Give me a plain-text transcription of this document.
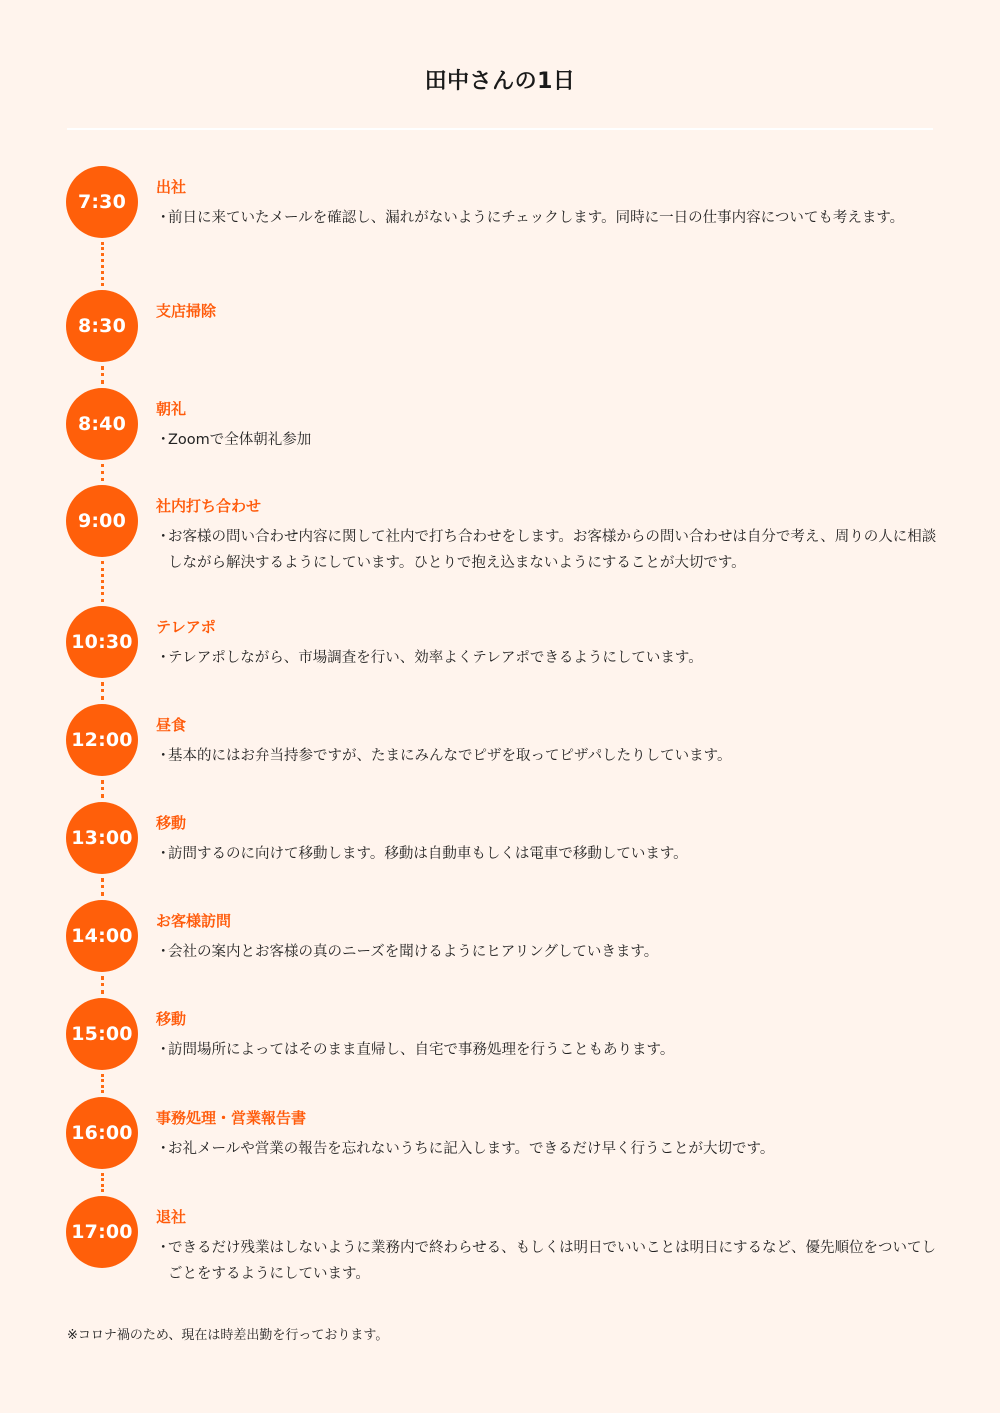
田中さんの1日
7:30
出社
・
前日に来ていたメールを確認し、漏れがないようにチェックします。同時に一日の仕事内容についても考えます。
8:30
支店掃除
8:40
朝礼
・
Zoomで全体朝礼参加
9:00
社内打ち合わせ
・
お客様の問い合わせ内容に関して社内で打ち合わせをします。お客様からの問い合わせは自分で考え、周りの人に相談しながら解決するようにしています。ひとりで抱え込まないようにすることが大切です。
10:30
テレアポ
・
テレアポしながら、市場調査を行い、効率よくテレアポできるようにしています。
12:00
昼食
・
基本的にはお弁当持参ですが、たまにみんなでピザを取ってピザパしたりしています。
13:00
移動
・
訪問するのに向けて移動します。移動は自動車もしくは電車で移動しています。
14:00
お客様訪問
・
会社の案内とお客様の真のニーズを聞けるようにヒアリングしていきます。
15:00
移動
・
訪問場所によってはそのまま直帰し、自宅で事務処理を行うこともあります。
16:00
事務処理・営業報告書
・
お礼メールや営業の報告を忘れないうちに記入します。できるだけ早く行うことが大切です。
17:00
退社
・
できるだけ残業はしないように業務内で終わらせる、もしくは明日でいいことは明日にするなど、優先順位をついてしごとをするようにしています。
※コロナ禍のため、現在は時差出勤を行っております。
